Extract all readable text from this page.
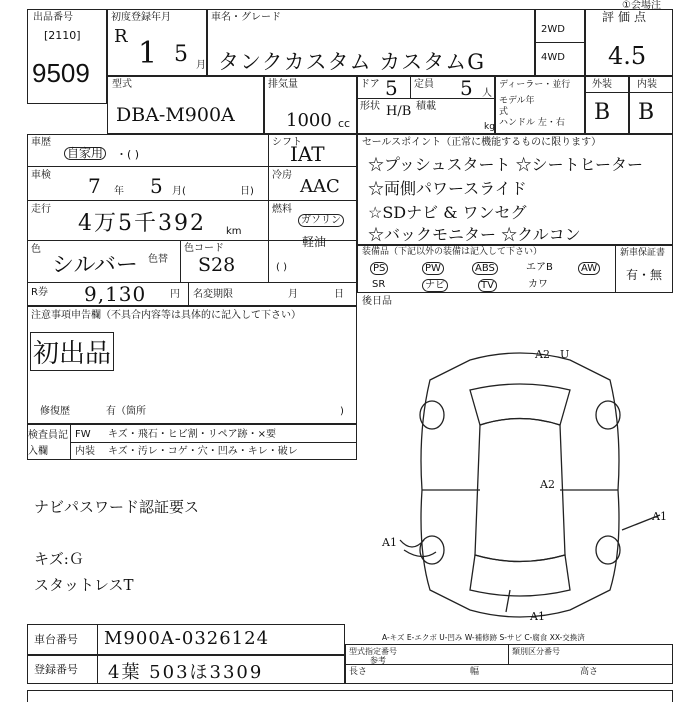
①会場注
出品番号
[2110]
9509
初度登録年月
R 1 5 月
車名・グレード
タンクカスタム カスタムG
2WD
4WD
評価点
4.5
型式
DBA-M900A
排気量
1000 cc
ドア 5 定員 5 人
形状 H/B 積載
kg
ディーラー・並行
モデル年式
ハンドル 左・右
外装	内装
B B
車歴
自家用 ・( )
シフト
IAT
車検 7 年 5 月(	日)
冷房
AAC
走行
4万5千392 km
燃料
ガソリン
軽油
( )
色
シルバー 色替
色コード
S28
R券 9,130 円 名変期限	月	日
セールスポイント（正常に機能するものに限ります）
☆プッシュスタート ☆シートヒーター
☆両側パワースライド
☆SDナビ & ワンセグ
☆バックモニター ☆クルコン
装備品（下記以外の装備は記入して下さい）
PS	PW	ABS	エアB	AW
SR	ナビ	TV	カワ
新車保証書
有・無
後日品
注意事項申告欄（不具合内容等は具体的に記入して下さい）
初出品
修復歴	有（箇所	)
検査員記入欄
FW キズ・飛石・ヒビ割・リペア跡・×要
内装 キズ・汚レ・コゲ・穴・凹み・キレ・破レ
ナビパスワード認証要ス
キズ:Ｇ
スタットレスT
A2 U
A2
A1
A1
A1
A-キズ E-エクボ U-凹み W-補修跡 S-サビ C-腐食 XX-交換済
車台番号 M900A-0326124
登録番号 4葉 503ほ3309
型式指定番号
参考
類別区分番号
長さ	幅	高さ
